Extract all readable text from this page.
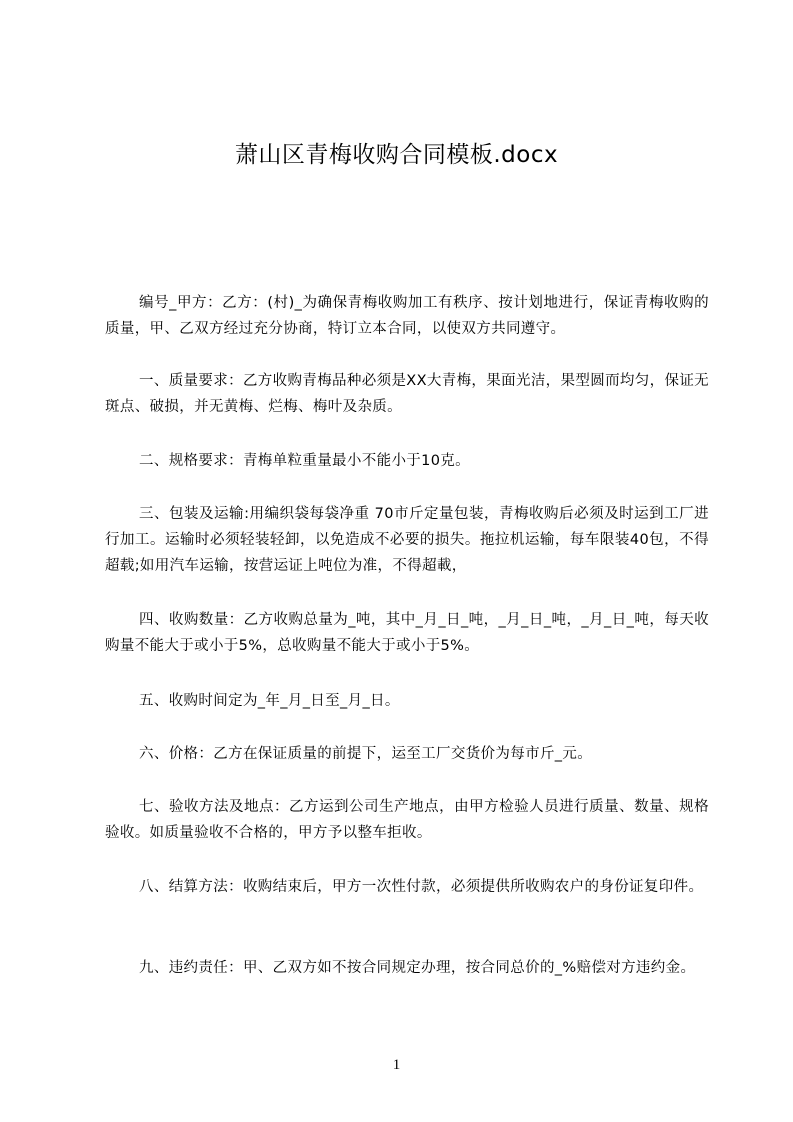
萧山区青梅收购合同模板.docx

编号_甲方：乙方：(村)_为确保青梅收购加工有秩序、按计划地进行，保证青梅收购的质量，甲、乙双方经过充分协商，特订立本合同，以使双方共同遵守。

一、质量要求：乙方收购青梅品种必须是XX大青梅，果面光洁，果型圆而均匀，保证无斑点、破损，并无黄梅、烂梅、梅叶及杂质。

二、规格要求：青梅单粒重量最小不能小于10克。

三、包装及运输:用编织袋每袋净重 70市斤定量包装，青梅收购后必须及时运到工厂进行加工。运输时必须轻装轻卸，以免造成不必要的损失。拖拉机运输，每车限装40包，不得超载;如用汽车运输，按营运证上吨位为准，不得超載，

四、收购数量：乙方收购总量为_吨，其中_月_日_吨，_月_日_吨，_月_日_吨，每天收购量不能大于或小于5%，总收购量不能大于或小于5%。

五、收购时间定为_年_月_日至_月_日。

六、价格：乙方在保证质量的前提下，运至工厂交货价为每市斤_元。

七、验收方法及地点：乙方运到公司生产地点，由甲方检验人员进行质量、数量、规格验收。如质量验收不合格的，甲方予以整车拒收。

八、结算方法：收购结束后，甲方一次性付款，必须提供所收购农户的身份证复印件。

九、违约责任：甲、乙双方如不按合同规定办理，按合同总价的_%赔偿对方违约金。

1
